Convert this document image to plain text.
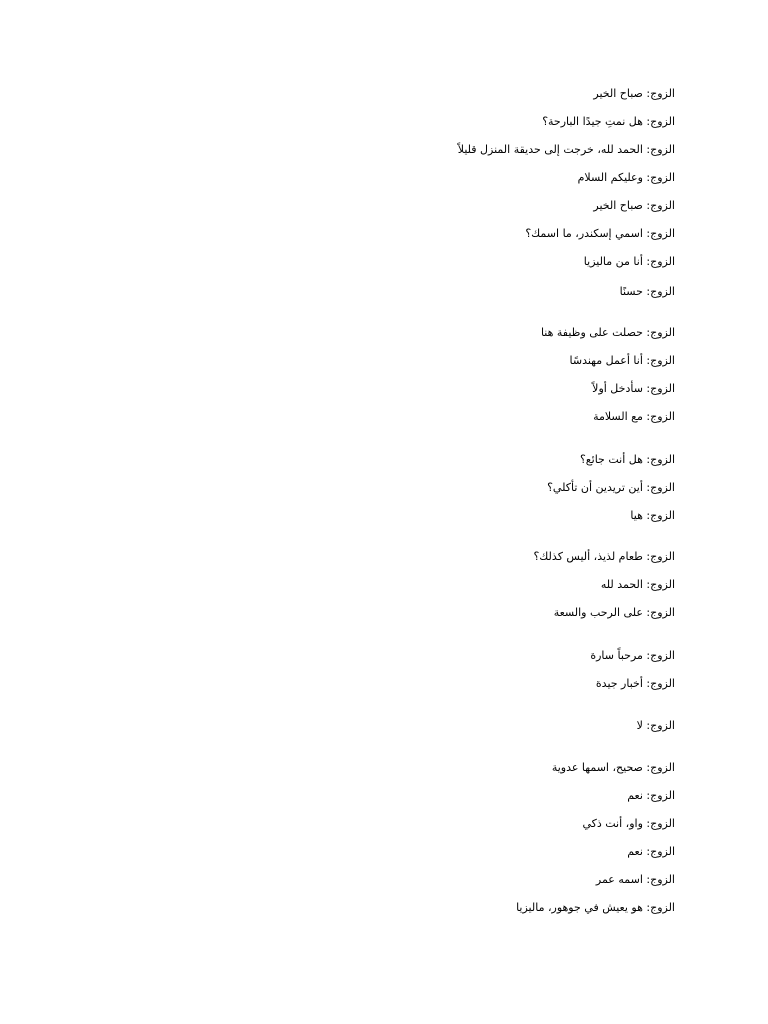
الزوج: صباح الخير
الزوج: هل نمتِ جيدًا البارحة؟
الزوج: الحمد لله، خرجت إلى حديقة المنزل قليلاً
الزوج: وعليكم السلام
الزوج: صباح الخير
الزوج: اسمي إسكندر، ما اسمك؟
الزوج: أنا من ماليزيا
الزوج: حسنًا
الزوج: حصلت على وظيفة هنا
الزوج: أنا أعمل مهندسًا
الزوج: سأدخل أولاً
الزوج: مع السلامة
الزوج: هل أنت جائع؟
الزوج: أين تريدين أن تأكلي؟
الزوج: هيا
الزوج: طعام لذيذ، أليس كذلك؟
الزوج: الحمد لله
الزوج: على الرحب والسعة
الزوج: مرحباً سارة
الزوج: أخبار جيدة
الزوج: لا
الزوج: صحيح، اسمها عدوية
الزوج: نعم
الزوج: واو، أنت ذكي
الزوج: نعم
الزوج: اسمه عمر
الزوج: هو يعيش في جوهور، ماليزيا
